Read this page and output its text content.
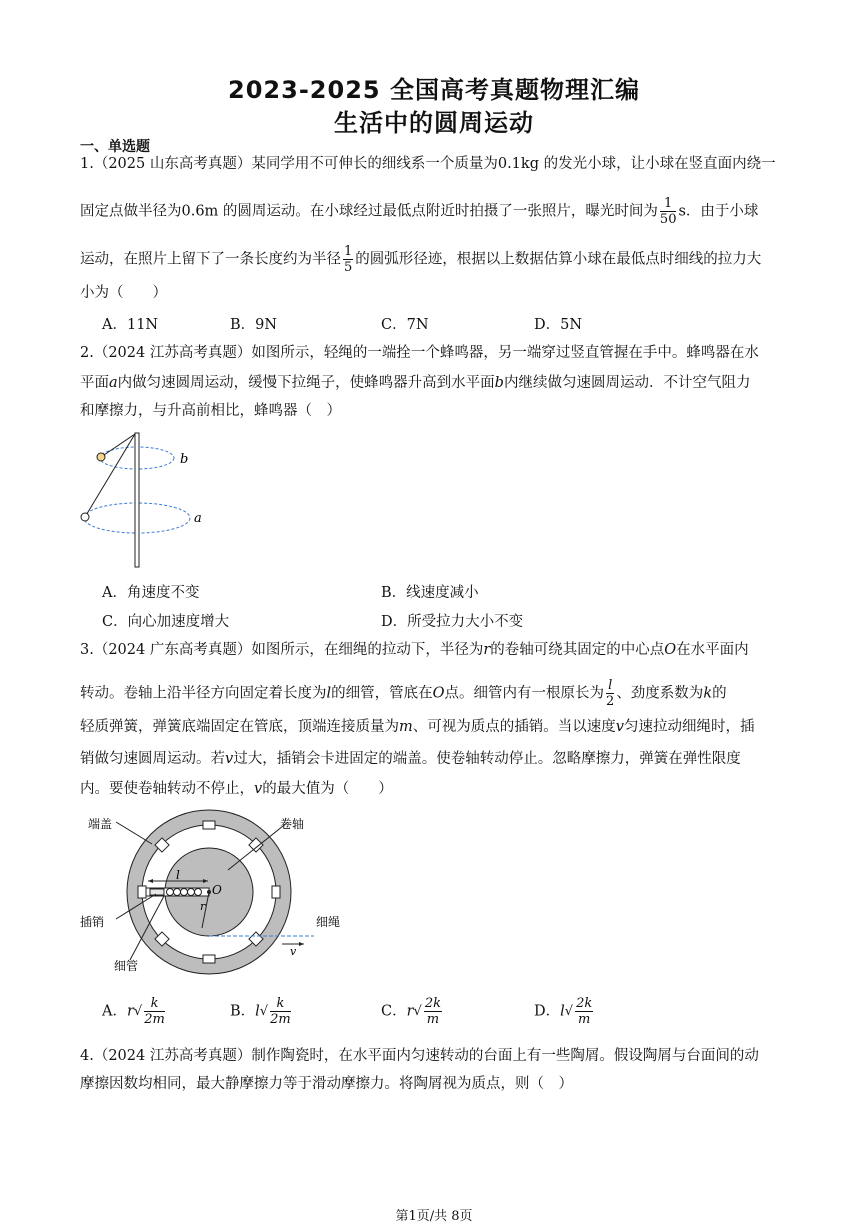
2023-2025 全国高考真题物理汇编
生活中的圆周运动
一、单选题
1.（2025 山东高考真题）某同学用不可伸长的细线系一个质量为0.1kg 的发光小球，让小球在竖直面内绕一
固定点做半径为0.6m 的圆周运动。在小球经过最低点附近时拍摄了一张照片，曝光时间为 $\frac{1}{50}$ s．由于小球
运动，在照片上留下了一条长度约为半径 $\frac{1}{5}$ 的圆弧形径迹，根据以上数据估算小球在最低点时细线的拉力大
小为（　　）
A．11N	B．9N	C．7N	D．5N
2.（2024 江苏高考真题）如图所示，轻绳的一端拴一个蜂鸣器，另一端穿过竖直管握在手中。蜂鸣器在水
平面a内做匀速圆周运动，缓慢下拉绳子，使蜂鸣器升高到水平面b内继续做匀速圆周运动．不计空气阻力
和摩擦力，与升高前相比，蜂鸣器（　）
b
a
A．角速度不变	B．线速度减小
C．向心加速度增大	D．所受拉力大小不变
3.（2024 广东高考真题）如图所示，在细绳的拉动下，半径为r的卷轴可绕其固定的中心点O在水平面内
转动。卷轴上沿半径方向固定着长度为l的细管，管底在O点。细管内有一根原长为 $\frac{l}{2}$ 、劲度系数为k的
轻质弹簧，弹簧底端固定在管底，顶端连接质量为m、可视为质点的插销。当以速度v匀速拉动细绳时，插
销做匀速圆周运动。若v过大，插销会卡进固定的端盖。使卷轴转动停止。忽略摩擦力，弹簧在弹性限度
内。要使卷轴转动不停止，v的最大值为（　　）
l
O
r
v
端盖	卷轴
插销	细绳
细管
A．$r√ \frac{k}{2m}$	B．$l√ \frac{k}{2m}$	C．$r√ \frac{2k}{m}$	D．$l√ \frac{2k}{m}$
4.（2024 江苏高考真题）制作陶瓷时，在水平面内匀速转动的台面上有一些陶屑。假设陶屑与台面间的动
摩擦因数均相同，最大静摩擦力等于滑动摩擦力。将陶屑视为质点，则（　）
第1页/共 8页
